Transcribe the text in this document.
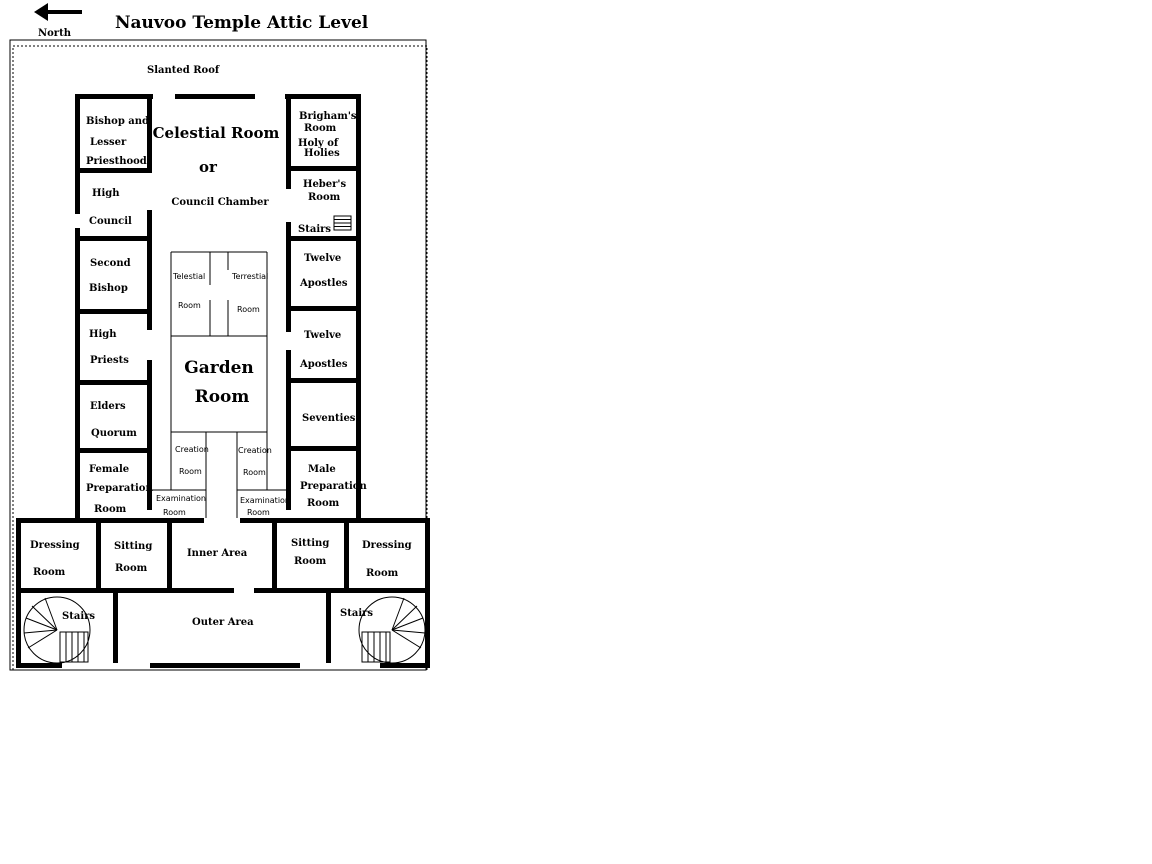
North
Nauvoo Temple Attic Level
Slanted Roof
Celestial Room
or
Council Chamber
Bishop and
Lesser
Priesthood
High
Council
Second
Bishop
High
Priests
Elders
Quorum
Female
Preparation
Room
Brigham's
Room
Holy of
Holies
Heber's
Room
Stairs
Twelve
Apostles
Twelve
Apostles
Seventies
Male
Preparation
Room
Telestial
Room
Terrestial
Room
Garden
Room
Creation
Room
Creation
Room
Examination
Room
Examination
Room
Dressing
Room
Sitting
Room
Inner Area
Sitting
Room
Dressing
Room
Stairs
Outer Area
Stairs
